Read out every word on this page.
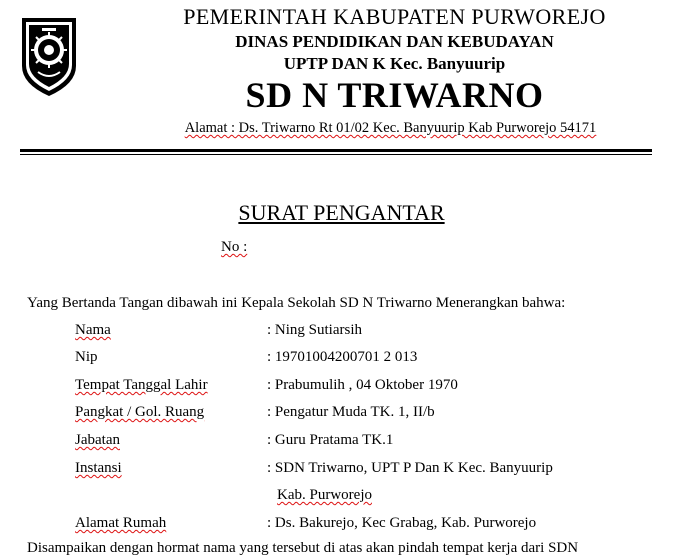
PEMERINTAH KABUPATEN PURWOREJO
DINAS PENDIDIKAN DAN KEBUDAYAN
UPTP DAN K Kec. Banyuurip
SD N TRIWARNO
Alamat : Ds. Triwarno Rt 01/02 Kec. Banyuurip Kab Purworejo 54171
SURAT PENGANTAR
No :
Yang Bertanda Tangan dibawah ini Kepala Sekolah SD N Triwarno Menerangkan bahwa:
Nama	: Ning Sutiarsih
Nip	: 19701004200701 2 013
Tempat Tanggal Lahir	: Prabumulih , 04 Oktober 1970
Pangkat / Gol. Ruang	: Pengatur Muda TK. 1, II/b
Jabatan	: Guru Pratama TK.1
Instansi	: SDN Triwarno, UPT P Dan K Kec. Banyuurip
Kab. Purworejo
Alamat Rumah	: Ds. Bakurejo, Kec Grabag, Kab. Purworejo
Disampaikan dengan hormat nama yang tersebut di atas akan pindah tempat kerja dari SDN
